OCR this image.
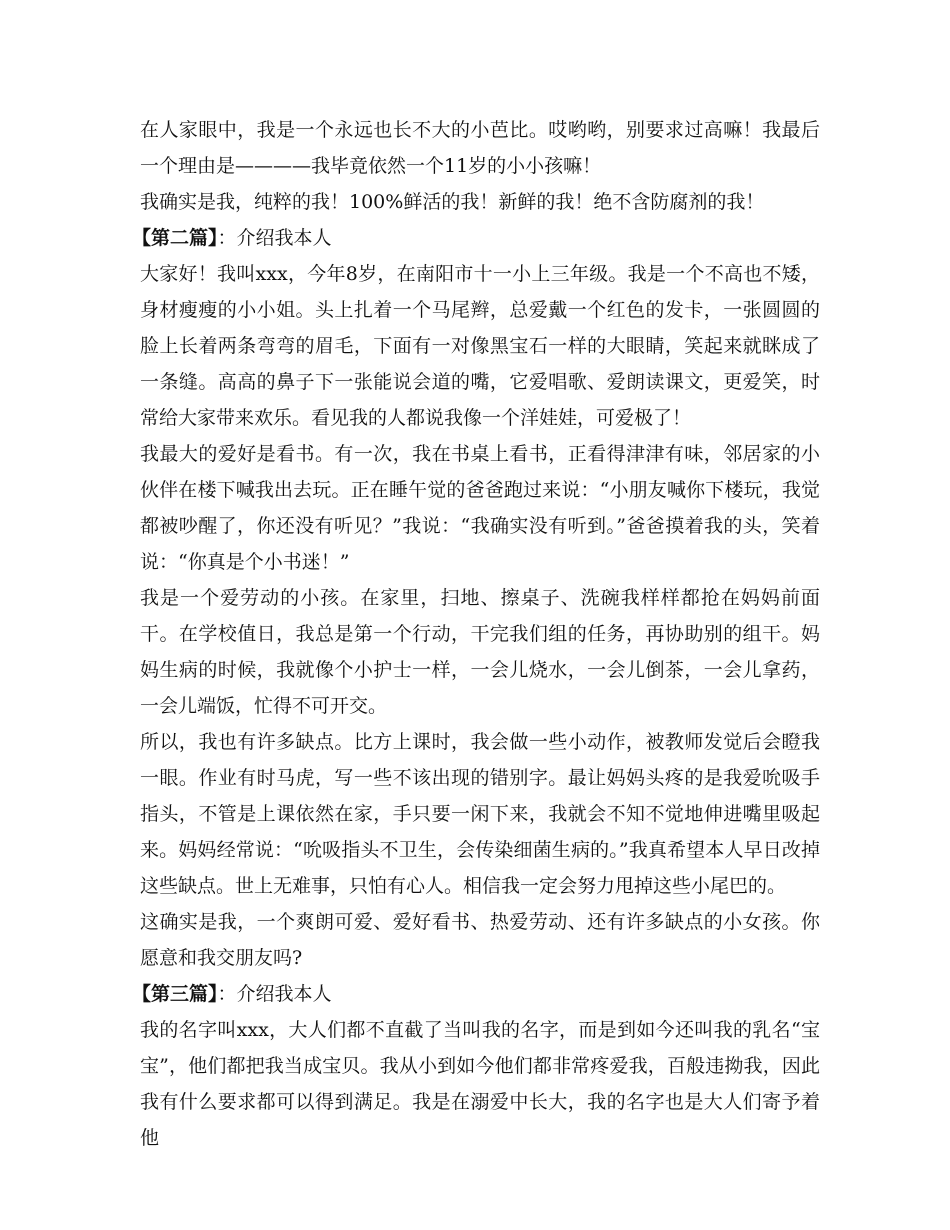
在人家眼中，我是一个永远也长不大的小芭比。哎哟哟，别要求过高嘛！我最后一个理由是————我毕竟依然一个11岁的小小孩嘛！

我确实是我，纯粹的我！100%鲜活的我！新鲜的我！绝不含防腐剂的我！

【第二篇】：介绍我本人

大家好！我叫xxx，今年8岁，在南阳市十一小上三年级。我是一个不高也不矮，身材瘦瘦的小小姐。头上扎着一个马尾辫，总爱戴一个红色的发卡，一张圆圆的脸上长着两条弯弯的眉毛，下面有一对像黑宝石一样的大眼睛，笑起来就眯成了一条缝。高高的鼻子下一张能说会道的嘴，它爱唱歌、爱朗读课文，更爱笑，时常给大家带来欢乐。看见我的人都说我像一个洋娃娃，可爱极了！

我最大的爱好是看书。有一次，我在书桌上看书，正看得津津有味，邻居家的小伙伴在楼下喊我出去玩。正在睡午觉的爸爸跑过来说：“小朋友喊你下楼玩，我觉都被吵醒了，你还没有听见？”我说：“我确实没有听到。”爸爸摸着我的头，笑着说：“你真是个小书迷！”

我是一个爱劳动的小孩。在家里，扫地、擦桌子、洗碗我样样都抢在妈妈前面干。在学校值日，我总是第一个行动，干完我们组的任务，再协助别的组干。妈妈生病的时候，我就像个小护士一样，一会儿烧水，一会儿倒茶，一会儿拿药，一会儿端饭，忙得不可开交。

所以，我也有许多缺点。比方上课时，我会做一些小动作，被教师发觉后会瞪我一眼。作业有时马虎，写一些不该出现的错别字。最让妈妈头疼的是我爱吮吸手指头，不管是上课依然在家，手只要一闲下来，我就会不知不觉地伸进嘴里吸起来。妈妈经常说：“吮吸指头不卫生，会传染细菌生病的。”我真希望本人早日改掉这些缺点。世上无难事，只怕有心人。相信我一定会努力甩掉这些小尾巴的。

这确实是我，一个爽朗可爱、爱好看书、热爱劳动、还有许多缺点的小女孩。你愿意和我交朋友吗?

【第三篇】：介绍我本人

我的名字叫xxx，大人们都不直截了当叫我的名字，而是到如今还叫我的乳名“宝宝”，他们都把我当成宝贝。我从小到如今他们都非常疼爱我，百般违拗我，因此我有什么要求都可以得到满足。我是在溺爱中长大，我的名字也是大人们寄予着他
